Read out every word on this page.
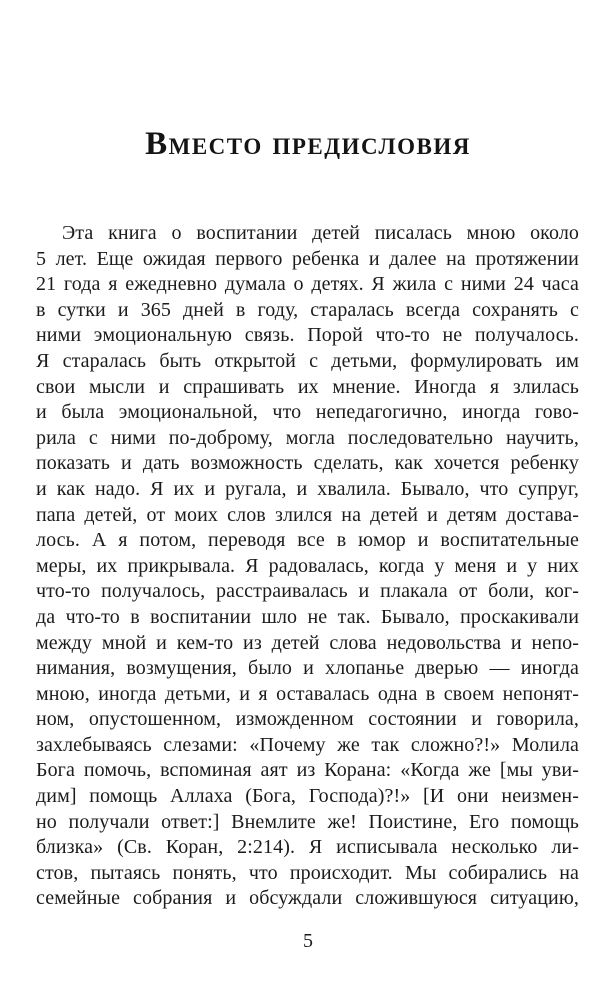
Вместо предисловия
Эта книга о воспитании детей писалась мною около
5 лет. Еще ожидая первого ребенка и далее на протяжении
21 года я ежедневно думала о детях. Я жила с ними 24 часа
в сутки и 365 дней в году, старалась всегда сохранять с
ними эмоциональную связь. Порой что-то не получалось.
Я старалась быть открытой с детьми, формулировать им
свои мысли и спрашивать их мнение. Иногда я злилась
и была эмоциональной, что непедагогично, иногда гово-
рила с ними по-доброму, могла последовательно научить,
показать и дать возможность сделать, как хочется ребенку
и как надо. Я их и ругала, и хвалила. Бывало, что супруг,
папа детей, от моих слов злился на детей и детям достава-
лось. А я потом, переводя все в юмор и воспитательные
меры, их прикрывала. Я радовалась, когда у меня и у них
что-то получалось, расстраивалась и плакала от боли, ког-
да что-то в воспитании шло не так. Бывало, проскакивали
между мной и кем-то из детей слова недовольства и непо-
нимания, возмущения, было и хлопанье дверью — иногда
мною, иногда детьми, и я оставалась одна в своем непонят-
ном, опустошенном, изможденном состоянии и говорила,
захлебываясь слезами: «Почему же так сложно?!» Молила
Бога помочь, вспоминая аят из Корана: «Когда же [мы уви-
дим] помощь Аллаха (Бога, Господа)?!» [И они неизмен-
но получали ответ:] Внемлите же! Поистине, Его помощь
близка» (Св. Коран, 2:214). Я исписывала несколько ли-
стов, пытаясь понять, что происходит. Мы собирались на
семейные собрания и обсуждали сложившуюся ситуацию,
5
